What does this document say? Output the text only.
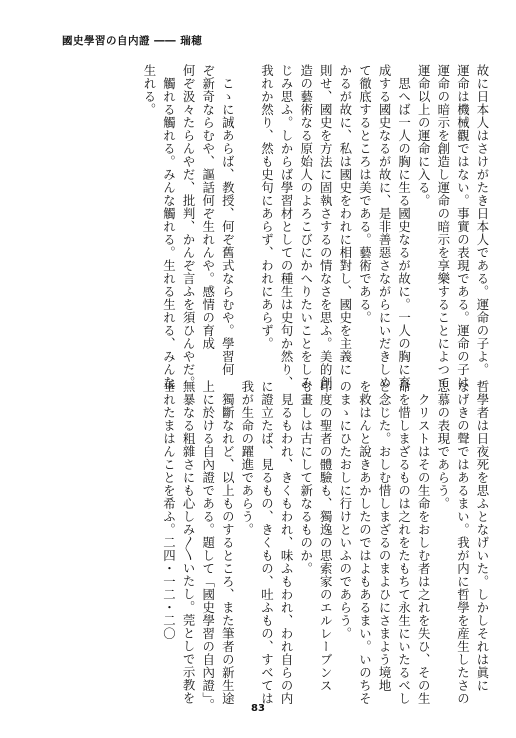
國史學習の自内證 ―― 瑞穂

故に日本人はさけがたき日本人である。運命の子よ。

運命は機械觀ではない。事實の表現である。運命の子は

運命の暗示を創造し運命の暗示を享樂することによつて

運命以上の運命に入る。

　思へば一人の胸に生る國史なるが故に。一人の胸に育

成する國史なるが故に、是非善惡さながらにいだきしめ

て徹底するところは美である。藝術である。

かるが故に、私は國史をわれに相對し、國史を主義に

則せ、國史を方法に固執さするの情なさを思ふ。美的創

造の藝術なる原始人のよろこびにかへりたいことをしみ

じみ思ふ。しからば學習材としての種生は史句か然り、

我れか然り、然も史句にあらず、われにあらず。

　こゝに誠あらば、教授、何ぞ舊式ならむや。學習何

ぞ新奇ならむや、謳話何ぞ生れんや。感情の育成

何ぞ汲々たらんやだ、批判、かんぞ言ふを須ひんやだ。

　觸れる觸れる。みんな觸れる。生れる生れる、みんな

生れる。

哲學者は日夜死を思ふとなげいた。しかしそれは眞に

なげきの聲ではあるまい。我が内に哲學を産生したさの

思慕の表現であらう。

　クリストはその生命をおしむ者は之れを失ひ、その生

命を惜しまざるものは之れをたもちて永生にいたるべし

と念じた。おしむ惜しまざるのまよひにさまよう境地

を救はんと說きあかしたのではよもあるまい。いのちそ

のまゝにひたおしに行けといふのであらう。

印度の聖者の體驗も、獨逸の思索家のエルレーブンス

も畫しは古にして新なるものか。

　見るもわれ、きくもわれ、味ふもわれ、われ自らの内

に證立たば、見るもの、きくもの、吐ふもの、すべては

我が生命の躍進であらう。

　獨斷なれど、以上ものするところ、また筆者の新生途

上に於ける自內證である。題して「國史學習の自內證」。

無暴なる粗雜さにも心しみ〳〵いたし。莞としで示教を

垂れたまはんことを希ふ。二四・一二・二〇

83
